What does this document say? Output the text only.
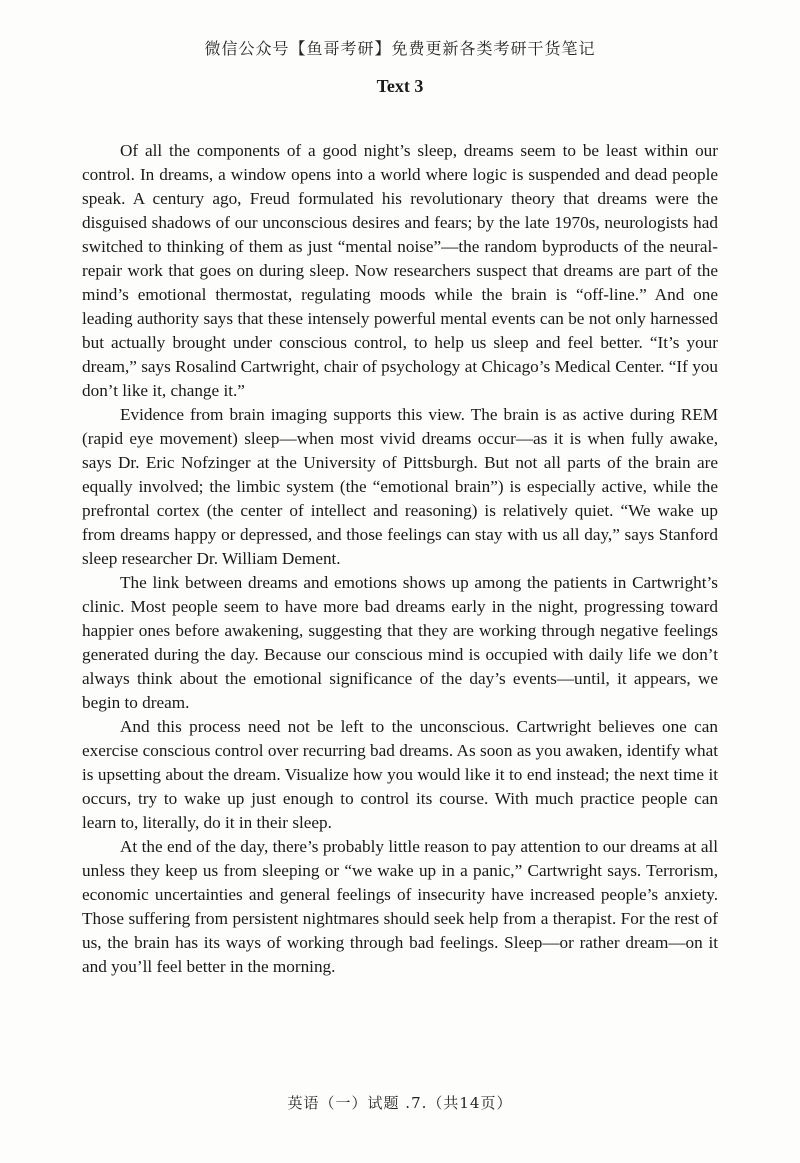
微信公众号【鱼哥考研】免费更新各类考研干货笔记
Text 3

Of all the components of a good night’s sleep, dreams seem to be least within our control. In dreams, a window opens into a world where logic is suspended and dead people speak. A century ago, Freud formulated his revolutionary theory that dreams were the disguised shadows of our unconscious desires and fears; by the late 1970s, neurologists had switched to thinking of them as just “mental noise”—the random byproducts of the neural-repair work that goes on during sleep. Now researchers suspect that dreams are part of the mind’s emotional thermostat, regulating moods while the brain is “off-line.” And one leading authority says that these intensely powerful mental events can be not only harnessed but actually brought under conscious control, to help us sleep and feel better. “It’s your dream,” says Rosalind Cartwright, chair of psychology at Chicago’s Medical Center. “If you don’t like it, change it.”

Evidence from brain imaging supports this view. The brain is as active during REM (rapid eye movement) sleep—when most vivid dreams occur—as it is when fully awake, says Dr. Eric Nofzinger at the University of Pittsburgh. But not all parts of the brain are equally involved; the limbic system (the “emotional brain”) is especially active, while the prefrontal cortex (the center of intellect and reasoning) is relatively quiet. “We wake up from dreams happy or depressed, and those feelings can stay with us all day,” says Stanford sleep researcher Dr. William Dement.

The link between dreams and emotions shows up among the patients in Cartwright’s clinic. Most people seem to have more bad dreams early in the night, progressing toward happier ones before awakening, suggesting that they are working through negative feelings generated during the day. Because our conscious mind is occupied with daily life we don’t always think about the emotional significance of the day’s events—until, it appears, we begin to dream.

And this process need not be left to the unconscious. Cartwright believes one can exercise conscious control over recurring bad dreams. As soon as you awaken, identify what is upsetting about the dream. Visualize how you would like it to end instead; the next time it occurs, try to wake up just enough to control its course. With much practice people can learn to, literally, do it in their sleep.

At the end of the day, there’s probably little reason to pay attention to our dreams at all unless they keep us from sleeping or “we wake up in a panic,” Cartwright says. Terrorism, economic uncertainties and general feelings of insecurity have increased people’s anxiety. Those suffering from persistent nightmares should seek help from a therapist. For the rest of us, the brain has its ways of working through bad feelings. Sleep—or rather dream—on it and you’ll feel better in the morning.

英语（一）试题 .7.（共14页）
